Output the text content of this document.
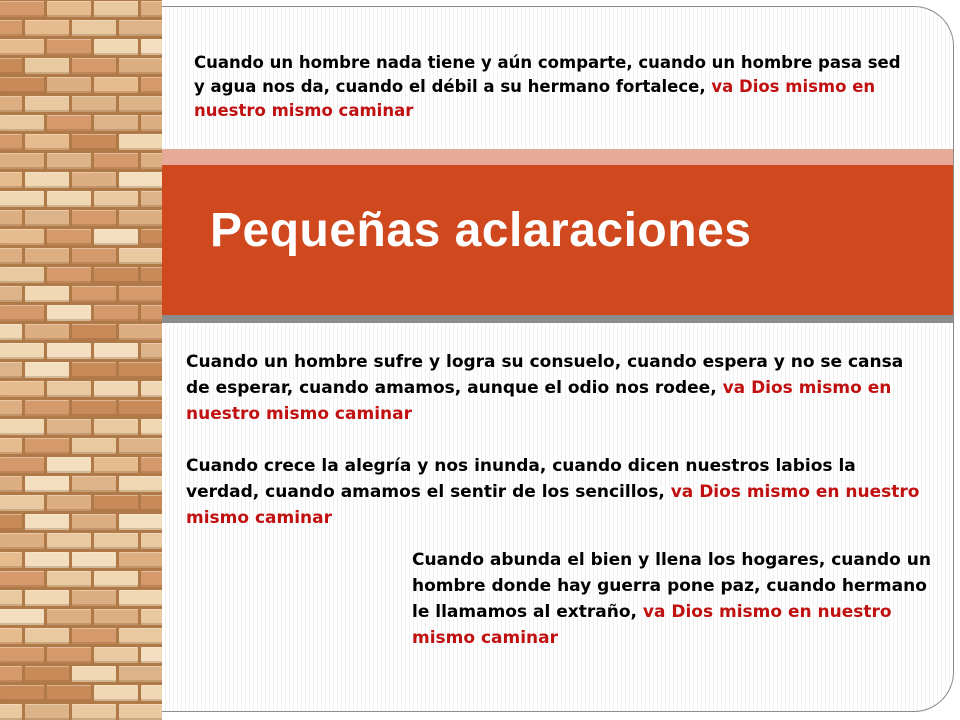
Cuando un hombre nada tiene y aún comparte, cuando un hombre pasa sed y agua nos da, cuando el débil a su hermano fortalece, va Dios mismo en nuestro mismo caminar

Pequeñas aclaraciones

Cuando un hombre sufre y logra su consuelo, cuando espera y no se cansa de esperar, cuando amamos, aunque el odio nos rodee, va Dios mismo en nuestro mismo caminar

Cuando crece la alegría y nos inunda, cuando dicen nuestros labios la verdad, cuando amamos el sentir de los sencillos, va Dios mismo en nuestro mismo caminar

Cuando abunda el bien y llena los hogares, cuando un hombre donde hay guerra pone paz, cuando hermano le llamamos al extraño, va Dios mismo en nuestro mismo caminar
